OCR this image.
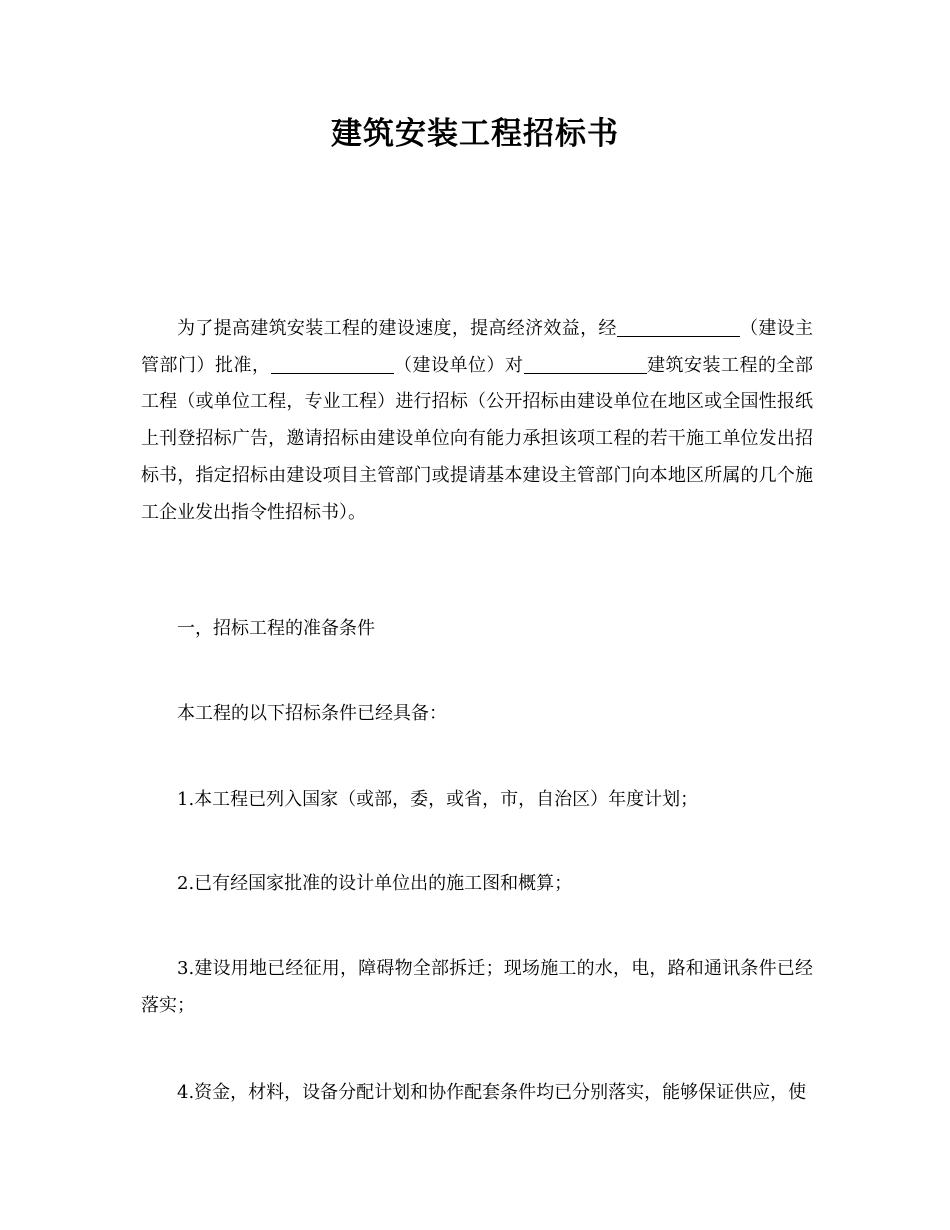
建筑安装工程招标书
为了提高建筑安装工程的建设速度，提高经济效益，经	（建设主管部门）批准，	（建设单位）对	建筑安装工程的全部工程（或单位工程，专业工程）进行招标（公开招标由建设单位在地区或全国性报纸上刊登招标广告，邀请招标由建设单位向有能力承担该项工程的若干施工单位发出招标书，指定招标由建设项目主管部门或提请基本建设主管部门向本地区所属的几个施工企业发出指令性招标书）。
一，招标工程的准备条件
本工程的以下招标条件已经具备：
1.本工程已列入国家（或部，委，或省，市，自治区）年度计划；
2.已有经国家批准的设计单位出的施工图和概算；
3.建设用地已经征用，障碍物全部拆迁；现场施工的水，电，路和通讯条件已经落实；
4.资金，材料，设备分配计划和协作配套条件均已分别落实，能够保证供应，使
